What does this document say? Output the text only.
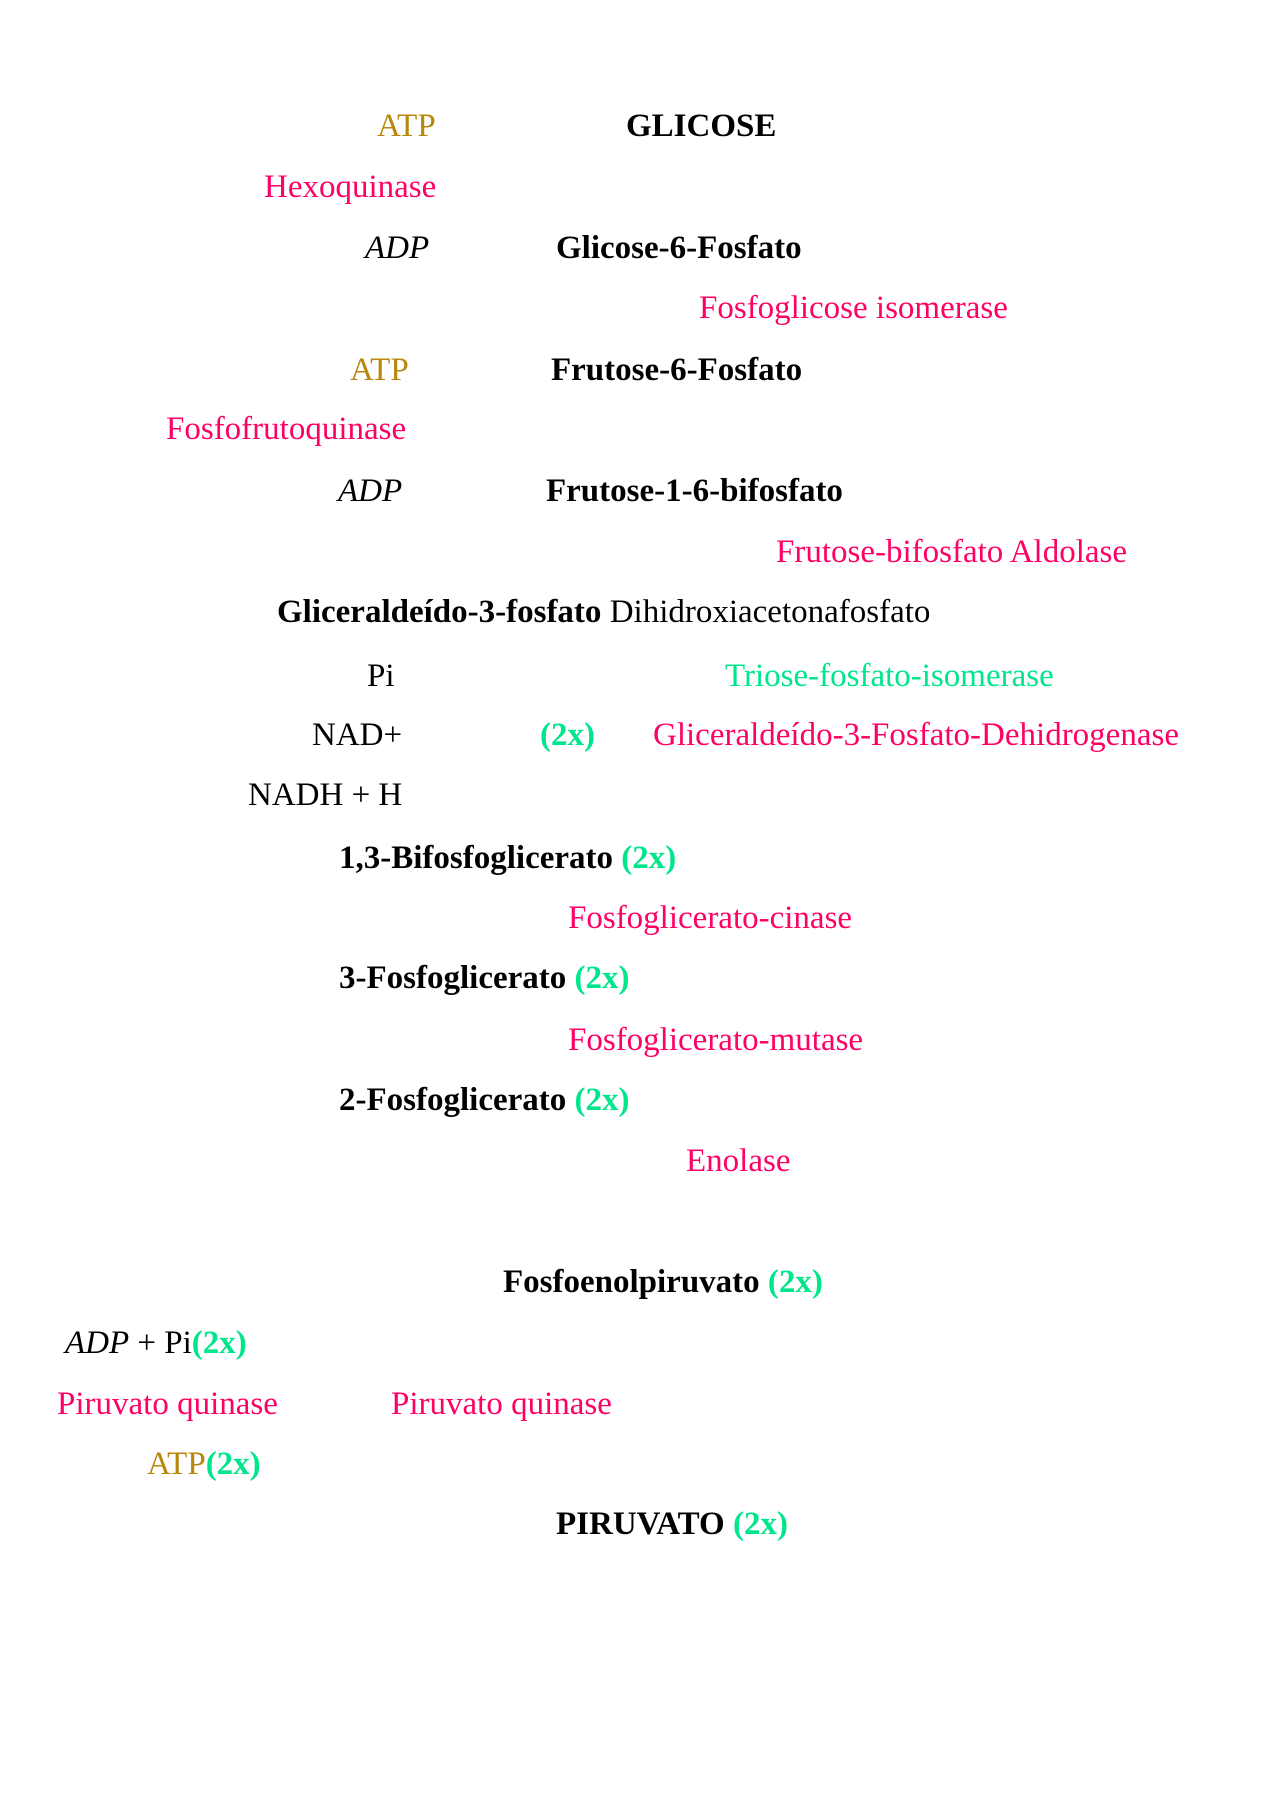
ATP	GLICOSE
Hexoquinase
ADP	Glicose-6-Fosfato
Fosfoglicose isomerase
ATP	Frutose-6-Fosfato
Fosfofrutoquinase
ADP	Frutose-1-6-bifosfato
Frutose-bifosfato Aldolase
Gliceraldeído-3-fosfato Dihidroxiacetonafosfato
Pi	Triose-fosfato-isomerase
NAD+	(2x) Gliceraldeído-3-Fosfato-Dehidrogenase
NADH + H
1,3-Bifosfoglicerato (2x)
Fosfoglicerato-cinase
3-Fosfoglicerato (2x)
Fosfoglicerato-mutase
2-Fosfoglicerato (2x)
Enolase
Fosfoenolpiruvato (2x)
ADP + Pi(2x)
Piruvato quinase	Piruvato quinase
ATP(2x)
PIRUVATO (2x)
